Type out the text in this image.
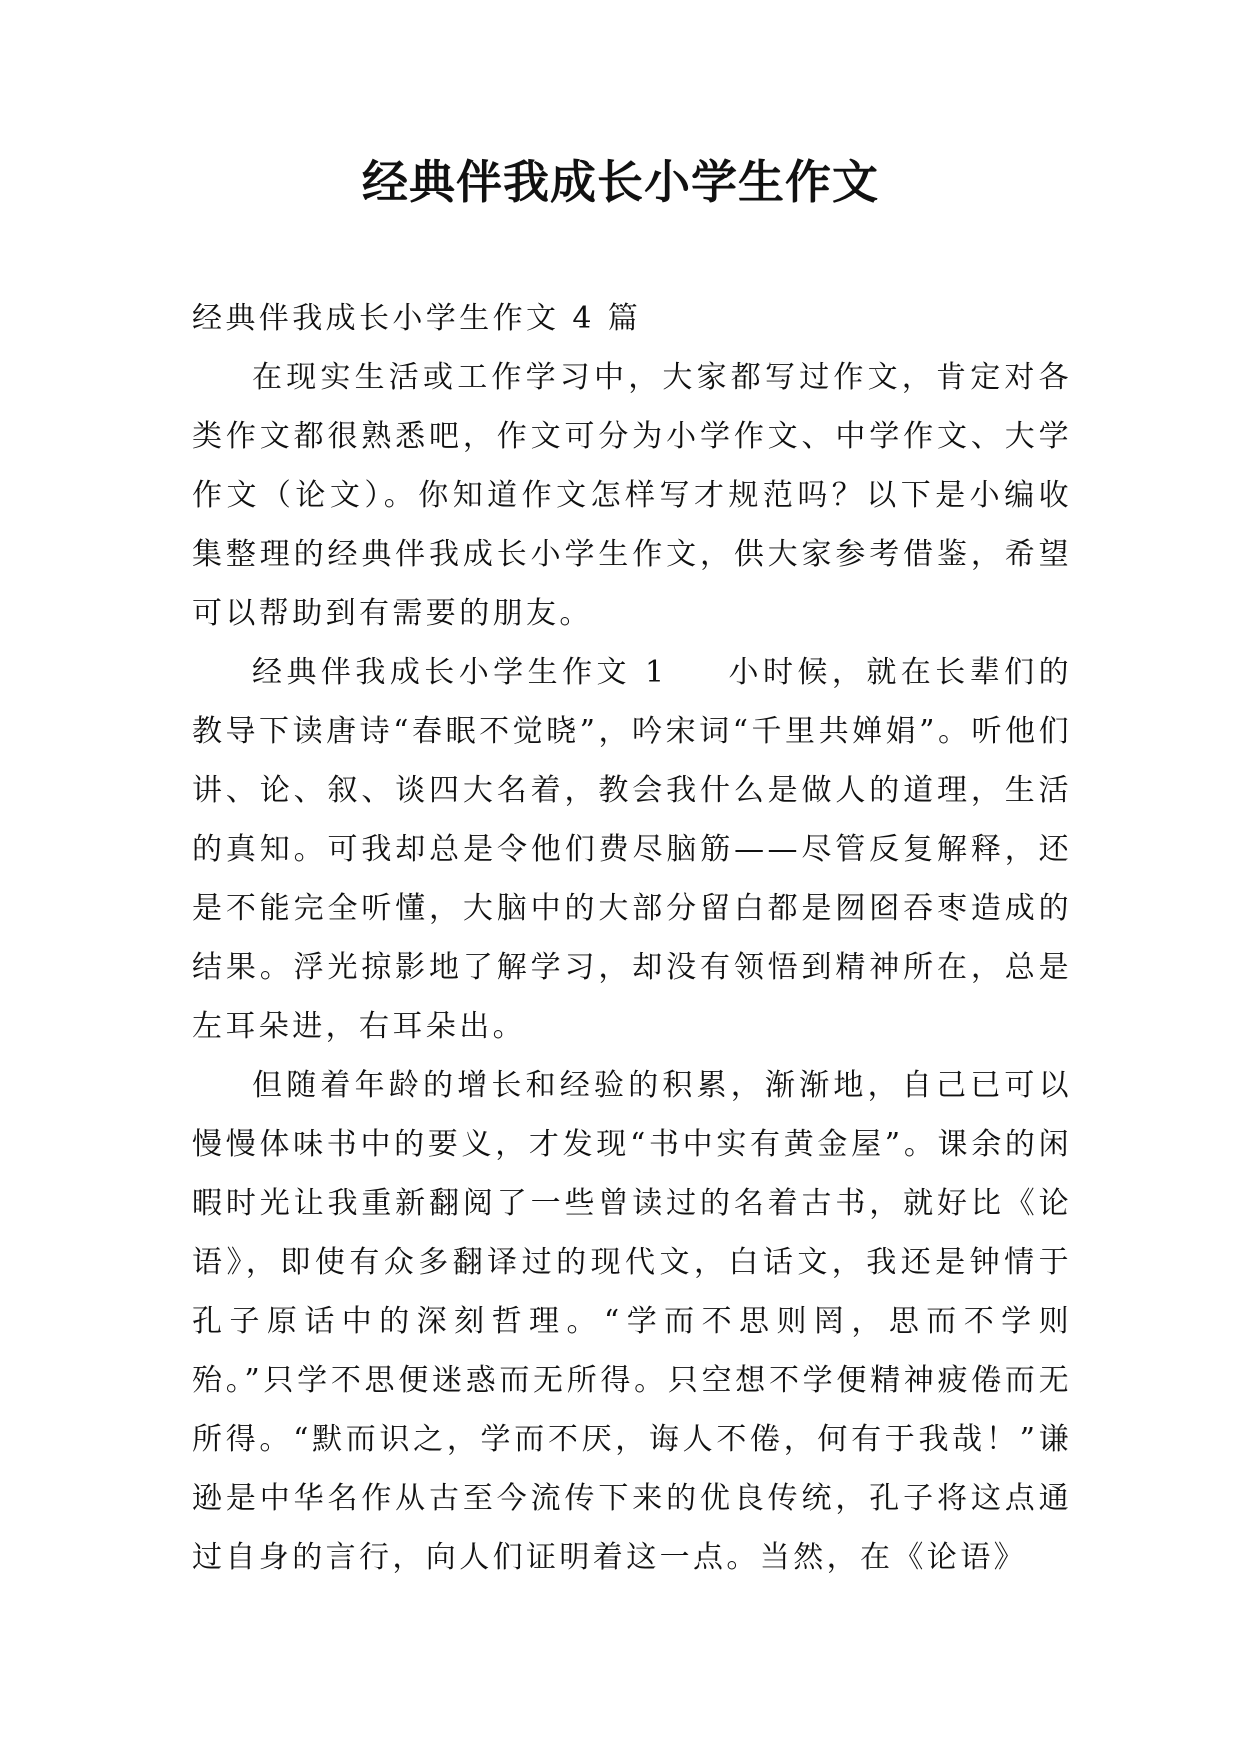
经典伴我成长小学生作文

经典伴我成长小学生作文 4 篇

在现实生活或工作学习中，大家都写过作文，肯定对各类作文都很熟悉吧，作文可分为小学作文、中学作文、大学作文（论文）。你知道作文怎样写才规范吗？以下是小编收集整理的经典伴我成长小学生作文，供大家参考借鉴，希望可以帮助到有需要的朋友。

经典伴我成长小学生作文 1 小时候，就在长辈们的教导下读唐诗“春眠不觉晓”，吟宋词“千里共婵娟”。听他们讲、论、叙、谈四大名着，教会我什么是做人的道理，生活的真知。可我却总是令他们费尽脑筋——尽管反复解释，还是不能完全听懂，大脑中的大部分留白都是囫囵吞枣造成的结果。浮光掠影地了解学习，却没有领悟到精神所在，总是左耳朵进，右耳朵出。

但随着年龄的增长和经验的积累，渐渐地，自己已可以慢慢体味书中的要义，才发现“书中实有黄金屋”。课余的闲暇时光让我重新翻阅了一些曾读过的名着古书，就好比《论语》，即使有众多翻译过的现代文，白话文，我还是钟情于孔子原话中的深刻哲理。“学而不思则罔，思而不学则殆。”只学不思便迷惑而无所得。只空想不学便精神疲倦而无所得。“默而识之，学而不厌，诲人不倦，何有于我哉！”谦逊是中华名作从古至今流传下来的优良传统，孔子将这点通过自身的言行，向人们证明着这一点。当然，在《论语》
